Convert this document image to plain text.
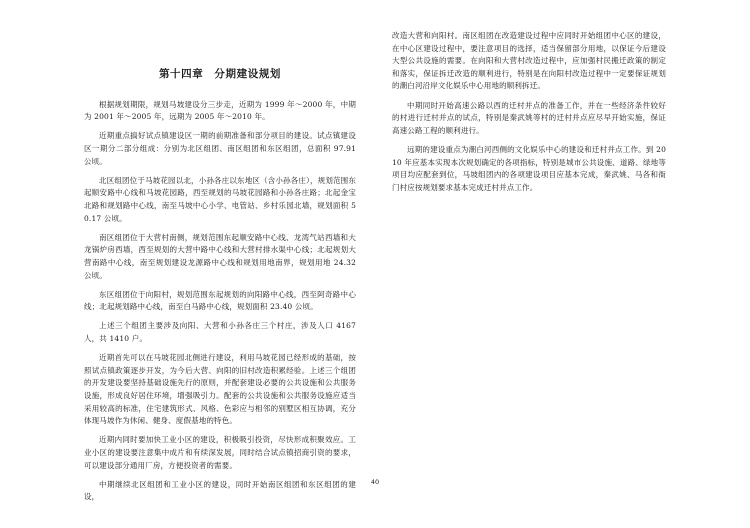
第十四章　分期建设规划

根据规划期限，规划马坡建设分三步走，近期为 1999 年～2000 年，中期为 2001 年～2005 年，远期为 2005 年～2010 年。

近期重点搞好试点镇建设区一期的前期准备和部分项目的建设。试点镇建设区一期分二部分组成：分别为北区组团、南区组团和东区组团，总面积 97.91 公顷。

北区组团位于马坡花园以北，小孙各庄以东地区（含小孙各庄），规划范围东起顺安路中心线和马坡花园路，西至规划的马坡花园路和小孙各庄路；北起金宝北路和规划路中心线，南至马坡中心小学、电管站、乡村乐园北墙，规划面积 50.17 公顷。

南区组团位于大营村南侧，规划范围东起顺安路中心线、龙湾气站西墙和大龙锅炉房西墙，西至规划的大营中路中心线和大营村排水渠中心线；北起规划大营南路中心线，南至规划建设龙源路中心线和规划用地南界，规划用地 24.32 公顷。

东区组团位于向阳村，规划范围东起规划的向阳路中心线，西至阿奇路中心线；北起规划路中心线，南至白马路中心线，规划面积 23.40 公顷。

上述三个组团主要涉及向阳、大营和小孙各庄三个村庄，涉及人口 4167 人，共 1410 户。

近期首先可以在马坡花园北侧进行建设，利用马坡花园已经形成的基础，按照试点镇政策逐步开发，为今后大营、向阳的旧村改造积累经验。上述三个组团的开发建设要坚持基础设施先行的原则，并配套建设必要的公共设施和公共服务设施，形成良好居住环境，增强吸引力。配套的公共设施和公共服务设施应适当采用较高的标准，住宅建筑形式、风格、色彩应与相邻的别墅区相互协调，充分体现马坡作为休闲、健身、度假基地的特色。

近期内同时要加快工业小区的建设，积极吸引投资，尽快形成积聚效应。工业小区的建设要注意集中成片和有续深发展，同时结合试点镇招商引资的要求，可以建设部分通用厂房，方便投资者的需要。

中期继续北区组团和工业小区的建设，同时开始南区组团和东区组团的建设，

改造大营和向阳村。南区组团在改造建设过程中应同时开始组团中心区的建设，在中心区建设过程中，要注意项目的选择，适当保留部分用地，以保证今后建设大型公共设施的需要。在向阳和大营村改造过程中，应加强村民搬迁政策的制定和落实，保证拆迁改造的顺利进行，特别是在向阳村改造过程中一定要保证规划的潮白河沿岸文化娱乐中心用地的顺利拆迁。

中期同时开始高速公路以西的迁村并点的准备工作，并在一些经济条件较好的村进行迁村并点的试点，特别是秦武姚等村的迁村并点应尽早开始实施，保证高速公路工程的顺利进行。

远期的建设重点为潮白河西侧的文化娱乐中心的建设和迁村并点工作。到 2010 年应基本实现本次规划确定的各项指标，特别是城市公共设施、道路、绿地等项目均应配套到位，马坡组团内的各项建设项目应基本完成，秦武姚、马各和衙门村应按规划要求基本完成迁村并点工作。

40
